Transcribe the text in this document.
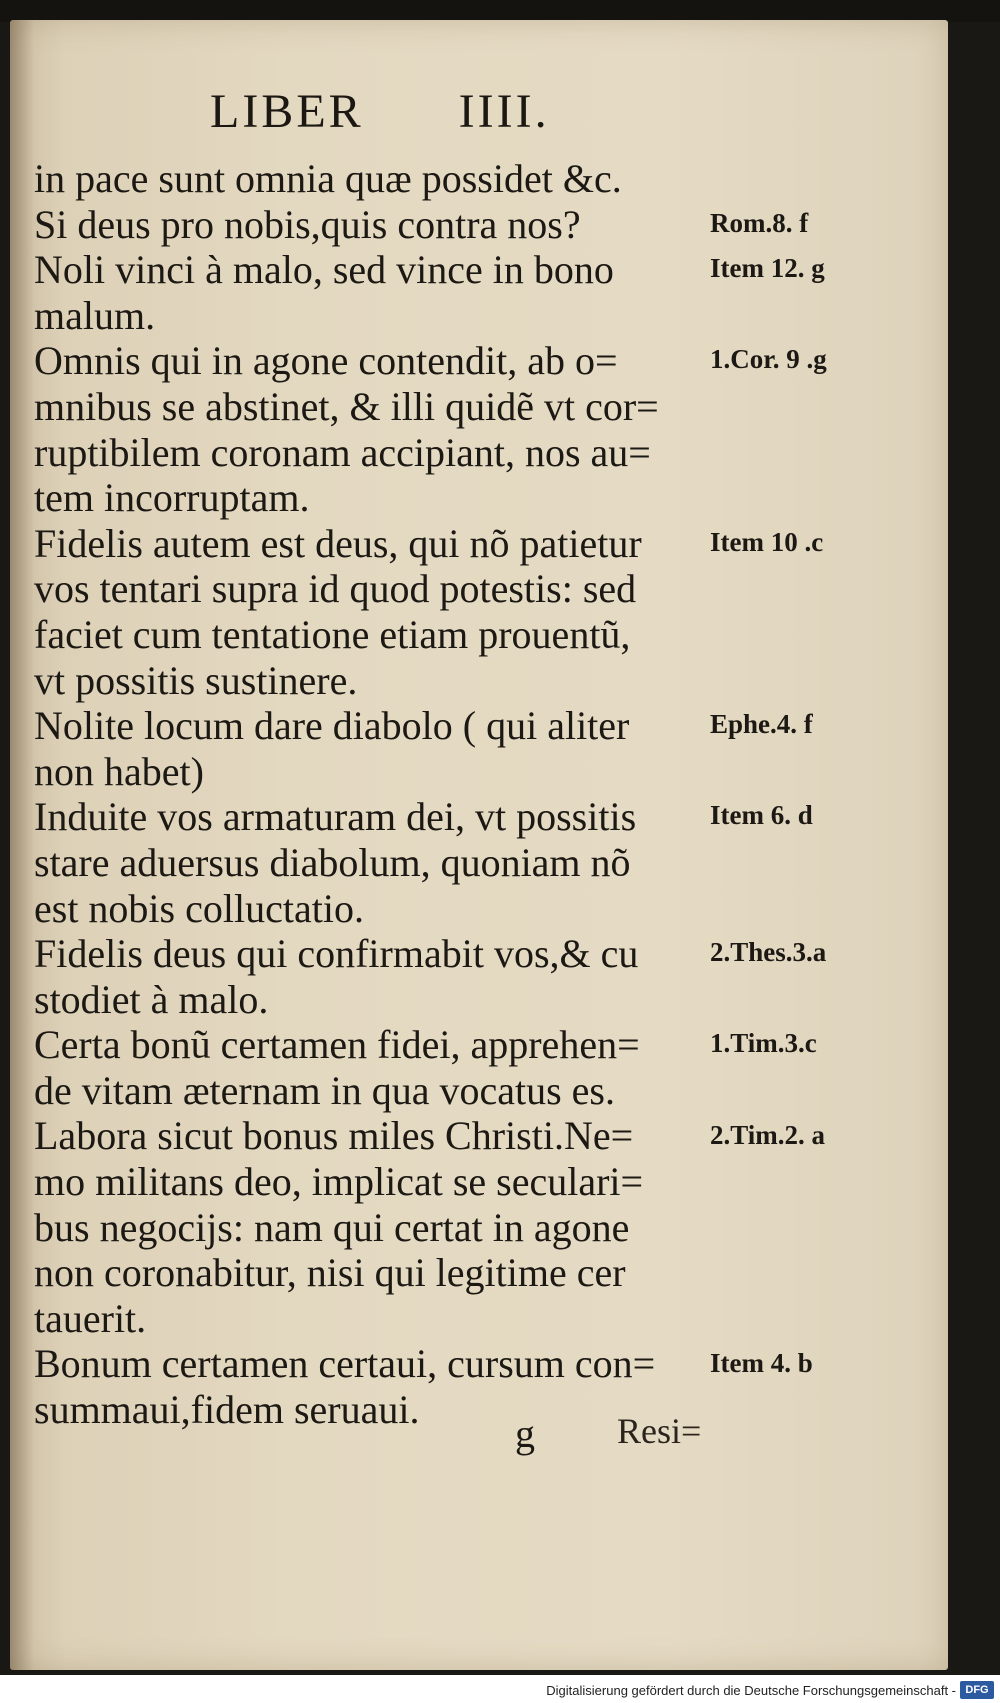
LIBER IIII.
in pace sunt omnia quæ possidet &c.
Si deus pro nobis,quis contra nos?
Noli vinci à malo, sed vince in bono
malum.
Omnis qui in agone contendit, ab o=
mnibus se abstinet, & illi quidẽ vt cor=
ruptibilem coronam accipiant, nos au=
tem incorruptam.
Fidelis autem est deus, qui nõ patietur
vos tentari supra id quod potestis: sed
faciet cum tentatione etiam prouentũ,
vt possitis sustinere.
Nolite locum dare diabolo ( qui aliter
non habet)
Induite vos armaturam dei, vt possitis
stare aduersus diabolum, quoniam nõ
est nobis colluctatio.
Fidelis deus qui confirmabit vos,& cu
stodiet à malo.
Certa bonũ certamen fidei, apprehen=
de vitam æternam in qua vocatus es.
Labora sicut bonus miles Christi.Ne=
mo militans deo, implicat se seculari=
bus negocijs: nam qui certat in agone
non coronabitur, nisi qui legitime cer
tauerit.
Bonum certamen certaui, cursum con=
summaui,fidem seruaui.
Rom.8. f
Item 12. g
1.Cor. 9 .g
Item 10 .c
Ephe.4. f
Item 6. d
2.Thes.3.a
1.Tim.3.c
2.Tim.2. a
Item 4. b
g Resi=
Digitalisierung gefördert durch die Deutsche Forschungsgemeinschaft - DFG
